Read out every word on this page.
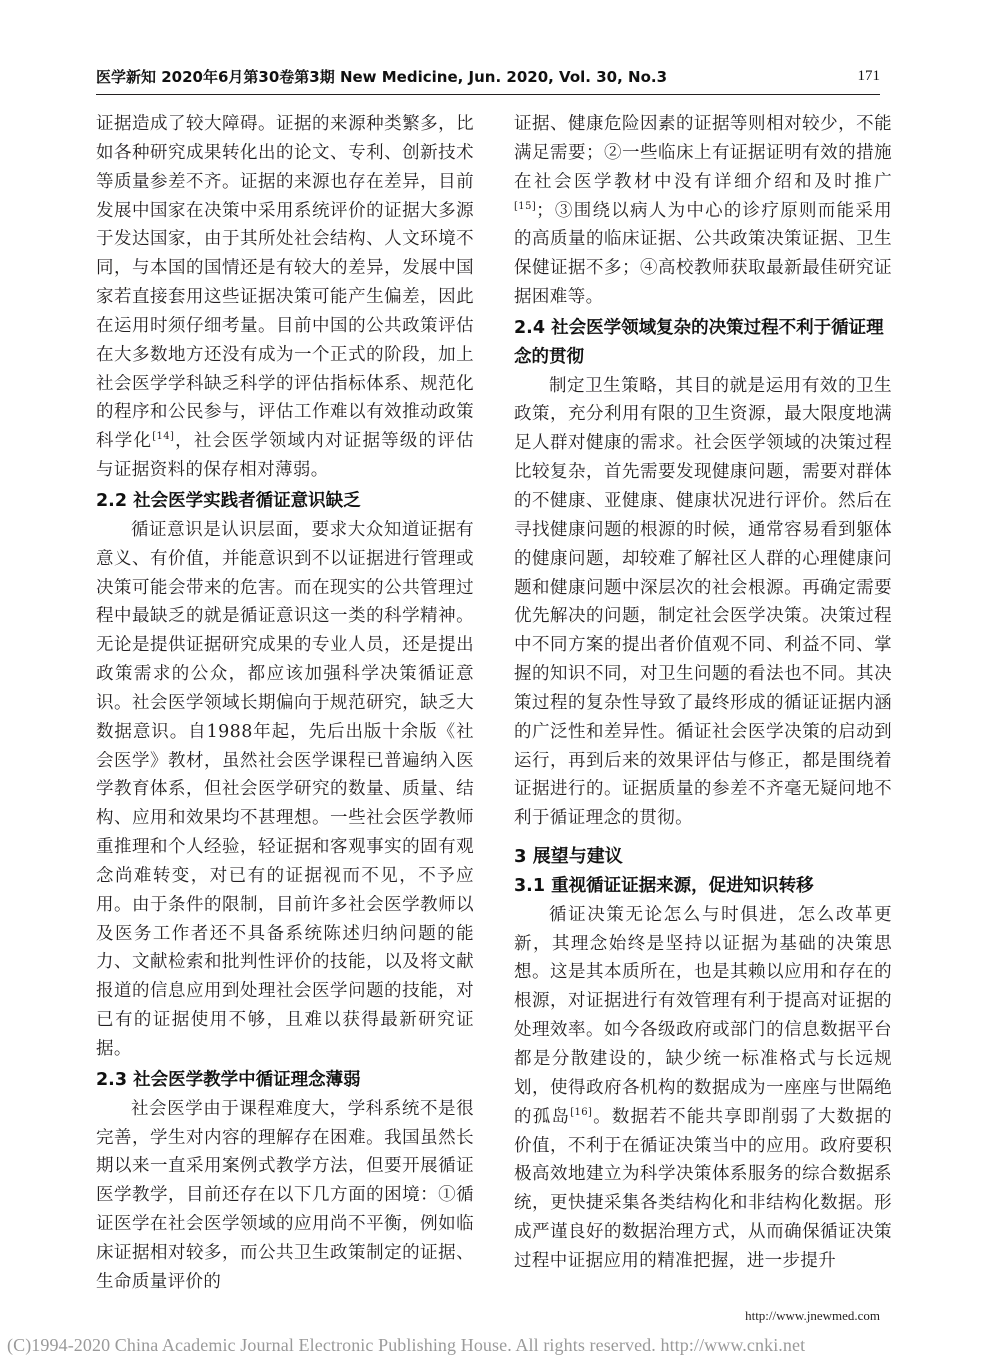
医学新知 2020年6月第30卷第3期 New Medicine, Jun. 2020, Vol. 30, No.3	171

证据造成了较大障碍。证据的来源种类繁多，比如各种研究成果转化出的论文、专利、创新技术等质量参差不齐。证据的来源也存在差异，目前发展中国家在决策中采用系统评价的证据大多源于发达国家，由于其所处社会结构、人文环境不同，与本国的国情还是有较大的差异，发展中国家若直接套用这些证据决策可能产生偏差，因此在运用时须仔细考量。目前中国的公共政策评估在大多数地方还没有成为一个正式的阶段，加上社会医学学科缺乏科学的评估指标体系、规范化的程序和公民参与，评估工作难以有效推动政策科学化[14]，社会医学领域内对证据等级的评估与证据资料的保存相对薄弱。

2.2 社会医学实践者循证意识缺乏

循证意识是认识层面，要求大众知道证据有意义、有价值，并能意识到不以证据进行管理或决策可能会带来的危害。而在现实的公共管理过程中最缺乏的就是循证意识这一类的科学精神。无论是提供证据研究成果的专业人员，还是提出政策需求的公众，都应该加强科学决策循证意识。社会医学领域长期偏向于规范研究，缺乏大数据意识。自1988年起，先后出版十余版《社会医学》教材，虽然社会医学课程已普遍纳入医学教育体系，但社会医学研究的数量、质量、结构、应用和效果均不甚理想。一些社会医学教师重推理和个人经验，轻证据和客观事实的固有观念尚难转变，对已有的证据视而不见，不予应用。由于条件的限制，目前许多社会医学教师以及医务工作者还不具备系统陈述归纳问题的能力、文献检索和批判性评价的技能，以及将文献报道的信息应用到处理社会医学问题的技能，对已有的证据使用不够，且难以获得最新研究证据。

2.3 社会医学教学中循证理念薄弱

社会医学由于课程难度大，学科系统不是很完善，学生对内容的理解存在困难。我国虽然长期以来一直采用案例式教学方法，但要开展循证医学教学，目前还存在以下几方面的困境：①循证医学在社会医学领域的应用尚不平衡，例如临床证据相对较多，而公共卫生政策制定的证据、生命质量评价的

证据、健康危险因素的证据等则相对较少，不能满足需要；②一些临床上有证据证明有效的措施在社会医学教材中没有详细介绍和及时推广[15]；③围绕以病人为中心的诊疗原则而能采用的高质量的临床证据、公共政策决策证据、卫生保健证据不多；④高校教师获取最新最佳研究证据困难等。

2.4 社会医学领域复杂的决策过程不利于循证理念的贯彻

制定卫生策略，其目的就是运用有效的卫生政策，充分利用有限的卫生资源，最大限度地满足人群对健康的需求。社会医学领域的决策过程比较复杂，首先需要发现健康问题，需要对群体的不健康、亚健康、健康状况进行评价。然后在寻找健康问题的根源的时候，通常容易看到躯体的健康问题，却较难了解社区人群的心理健康问题和健康问题中深层次的社会根源。再确定需要优先解决的问题，制定社会医学决策。决策过程中不同方案的提出者价值观不同、利益不同、掌握的知识不同，对卫生问题的看法也不同。其决策过程的复杂性导致了最终形成的循证证据内涵的广泛性和差异性。循证社会医学决策的启动到运行，再到后来的效果评估与修正，都是围绕着证据进行的。证据质量的参差不齐毫无疑问地不利于循证理念的贯彻。

3 展望与建议
3.1 重视循证证据来源，促进知识转移

循证决策无论怎么与时俱进，怎么改革更新，其理念始终是坚持以证据为基础的决策思想。这是其本质所在，也是其赖以应用和存在的根源，对证据进行有效管理有利于提高对证据的处理效率。如今各级政府或部门的信息数据平台都是分散建设的，缺少统一标准格式与长远规划，使得政府各机构的数据成为一座座与世隔绝的孤岛[16]。数据若不能共享即削弱了大数据的价值，不利于在循证决策当中的应用。政府要积极高效地建立为科学决策体系服务的综合数据系统，更快捷采集各类结构化和非结构化数据。形成严谨良好的数据治理方式，从而确保循证决策过程中证据应用的精准把握，进一步提升

http://www.jnewmed.com
(C)1994-2020 China Academic Journal Electronic Publishing House. All rights reserved. http://www.cnki.net
